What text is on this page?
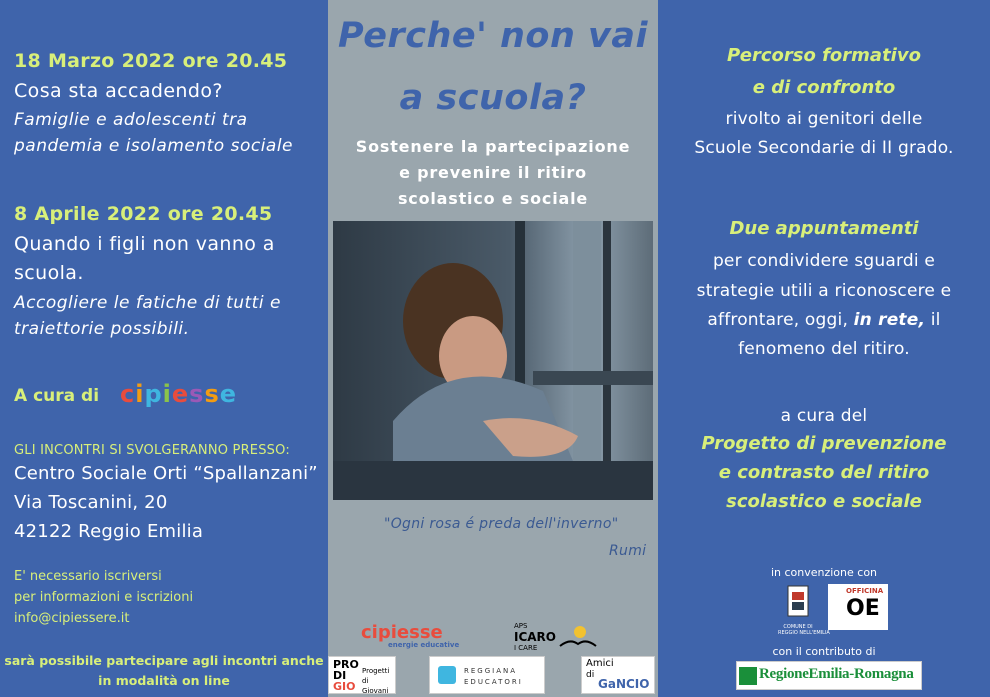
18 Marzo 2022 ore 20.45
Cosa sta accadendo?
Famiglie e adolescenti tra
pandemia e isolamento sociale
8 Aprile 2022 ore 20.45
Quando i figli non vanno a
scuola.
Accogliere le fatiche di tutti e
traiettorie possibili.
A cura di cipiesse
GLI INCONTRI SI SVOLGERANNO PRESSO:
Centro Sociale Orti “Spallanzani”
Via Toscanini, 20
42122 Reggio Emilia
E' necessario iscriversi
per informazioni e iscrizioni
info@cipiessere.it
sarà possibile partecipare agli incontri anche
in modalità on line
Perche' non vai
a scuola?
Sostenere la partecipazione
e prevenire il ritiro
scolastico e sociale
"Ogni rosa é preda dell'inverno"
Rumi
cipiesse
energie educative
APS
ICARO
I CARE
PRO
DI
GIO
Progetti
di Giovani
REGGIANA
EDUCATORI
Amici
di
GaNCIO
Percorso formativo
e di confronto
rivolto ai genitori delle
Scuole Secondarie di II grado.
Due appuntamenti
per condividere sguardi e
strategie utili a riconoscere e
affrontare, oggi, in rete, il
fenomeno del ritiro.
a cura del
Progetto di prevenzione
e contrasto del ritiro
scolastico e sociale
in convenzione con
COMUNE DI
REGGIO NELL'EMILIA
OFFICINA
OE
con il contributo di
RegioneEmilia-Romagna
